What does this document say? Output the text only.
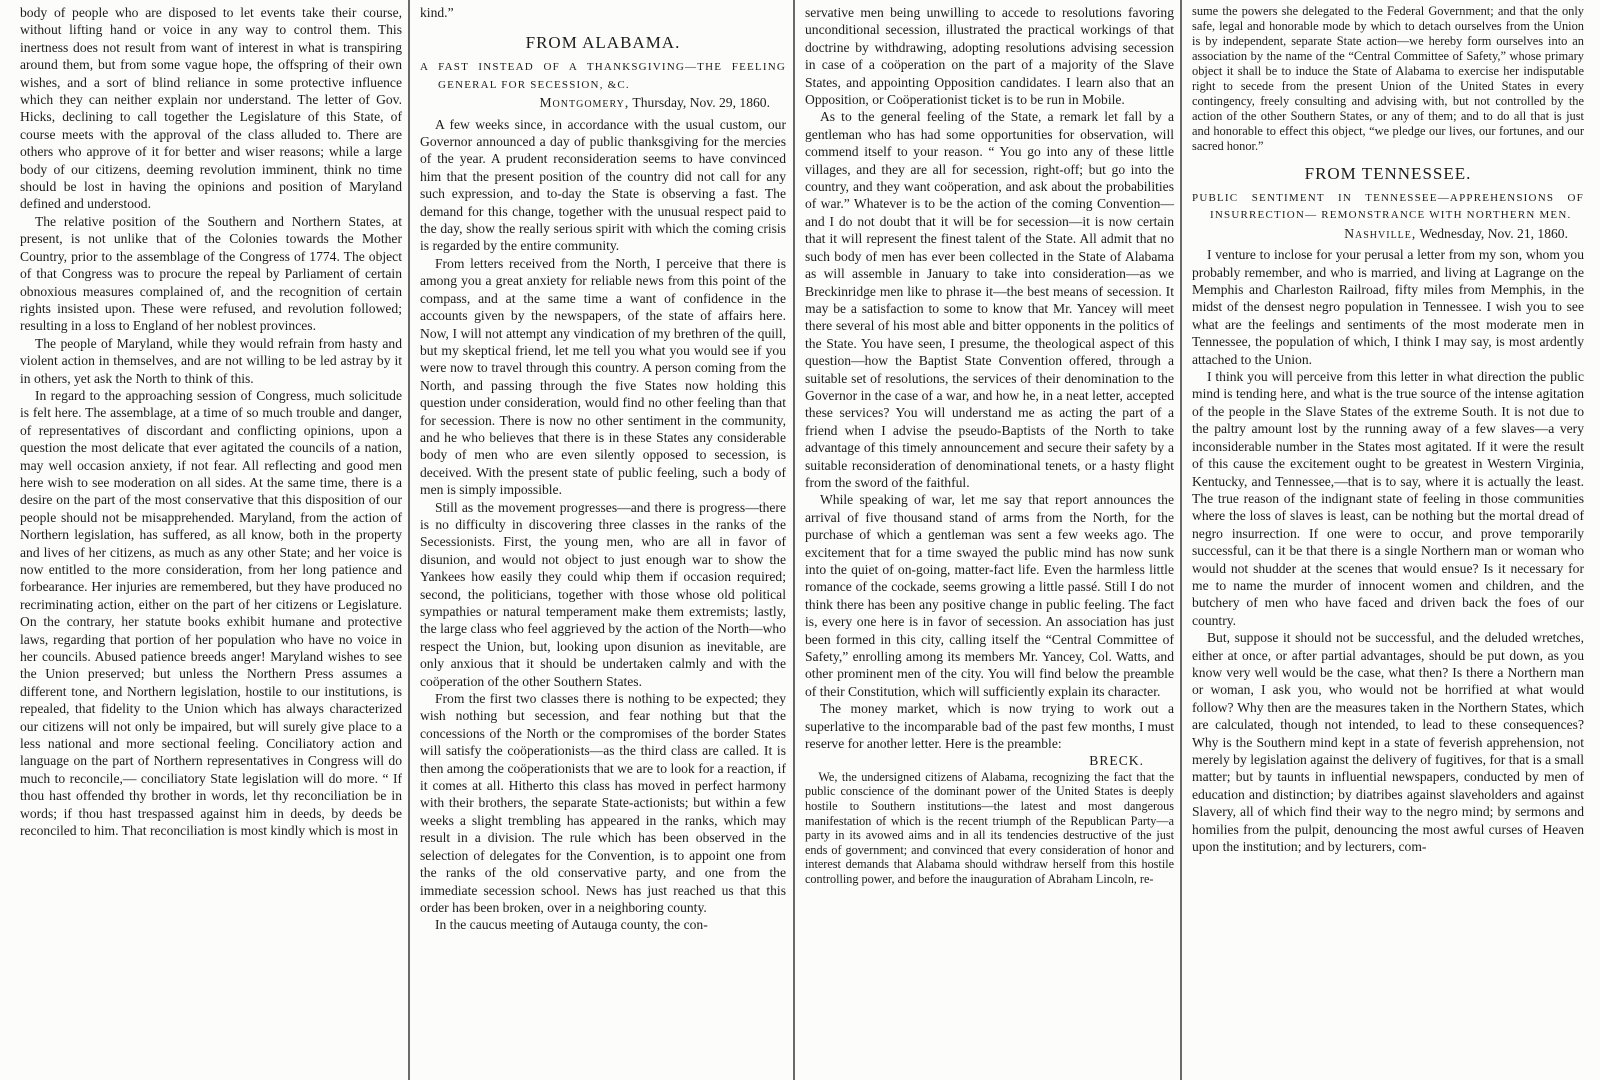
body of people who are disposed to let events take their course, without lifting hand or voice in any way to control them. This inertness does not result from want of interest in what is transpiring around them, but from some vague hope, the offspring of their own wishes, and a sort of blind reliance in some protective influence which they can neither explain nor understand. The letter of Gov. Hicks, declining to call together the Legislature of this State, of course meets with the approval of the class alluded to. There are others who approve of it for better and wiser reasons; while a large body of our citizens, deeming revolution imminent, think no time should be lost in having the opinions and position of Maryland defined and understood.

The relative position of the Southern and Northern States, at present, is not unlike that of the Colonies towards the Mother Country, prior to the assemblage of the Congress of 1774. The object of that Congress was to procure the repeal by Parliament of certain obnoxious measures complained of, and the recognition of certain rights insisted upon. These were refused, and revolution followed; resulting in a loss to England of her noblest provinces.

The people of Maryland, while they would refrain from hasty and violent action in themselves, and are not willing to be led astray by it in others, yet ask the North to think of this.

In regard to the approaching session of Congress, much solicitude is felt here. The assemblage, at a time of so much trouble and danger, of representatives of discordant and conflicting opinions, upon a question the most delicate that ever agitated the councils of a nation, may well occasion anxiety, if not fear. All reflecting and good men here wish to see moderation on all sides. At the same time, there is a desire on the part of the most conservative that this disposition of our people should not be misapprehended. Maryland, from the action of Northern legislation, has suffered, as all know, both in the property and lives of her citizens, as much as any other State; and her voice is now entitled to the more consideration, from her long patience and forbearance. Her injuries are remembered, but they have produced no recriminating action, either on the part of her citizens or Legislature. On the contrary, her statute books exhibit humane and protective laws, regarding that portion of her population who have no voice in her councils. Abused patience breeds anger! Maryland wishes to see the Union preserved; but unless the Northern Press assumes a different tone, and Northern legislation, hostile to our institutions, is repealed, that fidelity to the Union which has always characterized our citizens will not only be impaired, but will surely give place to a less national and more sectional feeling. Conciliatory action and language on the part of Northern representatives in Congress will do much to reconcile,— conciliatory State legislation will do more. “ If thou hast offended thy brother in words, let thy reconciliation be in words; if thou hast trespassed against him in deeds, by deeds be reconciled to him. That reconciliation is most kindly which is most in

kind.”

FROM ALABAMA.
A FAST INSTEAD OF A THANKSGIVING—THE FEELING GENERAL FOR SECESSION, &C.
Montgomery, Thursday, Nov. 29, 1860.

A few weeks since, in accordance with the usual custom, our Governor announced a day of public thanksgiving for the mercies of the year. A prudent reconsideration seems to have convinced him that the present position of the country did not call for any such expression, and to-day the State is observing a fast. The demand for this change, together with the unusual respect paid to the day, show the really serious spirit with which the coming crisis is regarded by the entire community.

From letters received from the North, I perceive that there is among you a great anxiety for reliable news from this point of the compass, and at the same time a want of confidence in the accounts given by the newspapers, of the state of affairs here. Now, I will not attempt any vindication of my brethren of the quill, but my skeptical friend, let me tell you what you would see if you were now to travel through this country. A person coming from the North, and passing through the five States now holding this question under consideration, would find no other feeling than that for secession. There is now no other sentiment in the community, and he who believes that there is in these States any considerable body of men who are even silently opposed to secession, is deceived. With the present state of public feeling, such a body of men is simply impossible.

Still as the movement progresses—and there is progress—there is no difficulty in discovering three classes in the ranks of the Secessionists. First, the young men, who are all in favor of disunion, and would not object to just enough war to show the Yankees how easily they could whip them if occasion required; second, the politicians, together with those whose old political sympathies or natural temperament make them extremists; lastly, the large class who feel aggrieved by the action of the North—who respect the Union, but, looking upon disunion as inevitable, are only anxious that it should be undertaken calmly and with the coöperation of the other Southern States.

From the first two classes there is nothing to be expected; they wish nothing but secession, and fear nothing but that the concessions of the North or the compromises of the border States will satisfy the coöperationists—as the third class are called. It is then among the coöperationists that we are to look for a reaction, if it comes at all. Hitherto this class has moved in perfect harmony with their brothers, the separate State-actionists; but within a few weeks a slight trembling has appeared in the ranks, which may result in a division. The rule which has been observed in the selection of delegates for the Convention, is to appoint one from the ranks of the old conservative party, and one from the immediate secession school. News has just reached us that this order has been broken, over in a neighboring county.

In the caucus meeting of Autauga county, the con-

servative men being unwilling to accede to resolutions favoring unconditional secession, illustrated the practical workings of that doctrine by withdrawing, adopting resolutions advising secession in case of a coöperation on the part of a majority of the Slave States, and appointing Opposition candidates. I learn also that an Opposition, or Coöperationist ticket is to be run in Mobile.

As to the general feeling of the State, a remark let fall by a gentleman who has had some opportunities for observation, will commend itself to your reason. “ You go into any of these little villages, and they are all for secession, right-off; but go into the country, and they want coöperation, and ask about the probabilities of war.” Whatever is to be the action of the coming Convention—and I do not doubt that it will be for secession—it is now certain that it will represent the finest talent of the State. All admit that no such body of men has ever been collected in the State of Alabama as will assemble in January to take into consideration—as we Breckinridge men like to phrase it—the best means of secession. It may be a satisfaction to some to know that Mr. Yancey will meet there several of his most able and bitter opponents in the politics of the State. You have seen, I presume, the theological aspect of this question—how the Baptist State Convention offered, through a suitable set of resolutions, the services of their denomination to the Governor in the case of a war, and how he, in a neat letter, accepted these services? You will understand me as acting the part of a friend when I advise the pseudo-Baptists of the North to take advantage of this timely announcement and secure their safety by a suitable reconsideration of denominational tenets, or a hasty flight from the sword of the faithful.

While speaking of war, let me say that report announces the arrival of five thousand stand of arms from the North, for the purchase of which a gentleman was sent a few weeks ago. The excitement that for a time swayed the public mind has now sunk into the quiet of on-going, matter-fact life. Even the harmless little romance of the cockade, seems growing a little passé. Still I do not think there has been any positive change in public feeling. The fact is, every one here is in favor of secession. An association has just been formed in this city, calling itself the “Central Committee of Safety,” enrolling among its members Mr. Yancey, Col. Watts, and other prominent men of the city. You will find below the preamble of their Constitution, which will sufficiently explain its character.

The money market, which is now trying to work out a superlative to the incomparable bad of the past few months, I must reserve for another letter. Here is the preamble:

BRECK.

We, the undersigned citizens of Alabama, recognizing the fact that the public conscience of the dominant power of the United States is deeply hostile to Southern institutions—the latest and most dangerous manifestation of which is the recent triumph of the Republican Party—a party in its avowed aims and in all its tendencies destructive of the just ends of government; and convinced that every consideration of honor and interest demands that Alabama should withdraw herself from this hostile controlling power, and before the inauguration of Abraham Lincoln, re-

sume the powers she delegated to the Federal Government; and that the only safe, legal and honorable mode by which to detach ourselves from the Union is by independent, separate State action—we hereby form ourselves into an association by the name of the “Central Committee of Safety,” whose primary object it shall be to induce the State of Alabama to exercise her indisputable right to secede from the present Union of the United States in every contingency, freely consulting and advising with, but not controlled by the action of the other Southern States, or any of them; and to do all that is just and honorable to effect this object, “we pledge our lives, our fortunes, and our sacred honor.”

FROM TENNESSEE.
PUBLIC SENTIMENT IN TENNESSEE—APPREHENSIONS OF INSURRECTION— REMONSTRANCE WITH NORTHERN MEN.
Nashville, Wednesday, Nov. 21, 1860.

I venture to inclose for your perusal a letter from my son, whom you probably remember, and who is married, and living at Lagrange on the Memphis and Charleston Railroad, fifty miles from Memphis, in the midst of the densest negro population in Tennessee. I wish you to see what are the feelings and sentiments of the most moderate men in Tennessee, the population of which, I think I may say, is most ardently attached to the Union.

I think you will perceive from this letter in what direction the public mind is tending here, and what is the true source of the intense agitation of the people in the Slave States of the extreme South. It is not due to the paltry amount lost by the running away of a few slaves—a very inconsiderable number in the States most agitated. If it were the result of this cause the excitement ought to be greatest in Western Virginia, Kentucky, and Tennessee,—that is to say, where it is actually the least. The true reason of the indignant state of feeling in those communities where the loss of slaves is least, can be nothing but the mortal dread of negro insurrection. If one were to occur, and prove temporarily successful, can it be that there is a single Northern man or woman who would not shudder at the scenes that would ensue? Is it necessary for me to name the murder of innocent women and children, and the butchery of men who have faced and driven back the foes of our country.

But, suppose it should not be successful, and the deluded wretches, either at once, or after partial advantages, should be put down, as you know very well would be the case, what then? Is there a Northern man or woman, I ask you, who would not be horrified at what would follow? Why then are the measures taken in the Northern States, which are calculated, though not intended, to lead to these consequences? Why is the Southern mind kept in a state of feverish apprehension, not merely by legislation against the delivery of fugitives, for that is a small matter; but by taunts in influential newspapers, conducted by men of education and distinction; by diatribes against slaveholders and against Slavery, all of which find their way to the negro mind; by sermons and homilies from the pulpit, denouncing the most awful curses of Heaven upon the institution; and by lecturers, com-
